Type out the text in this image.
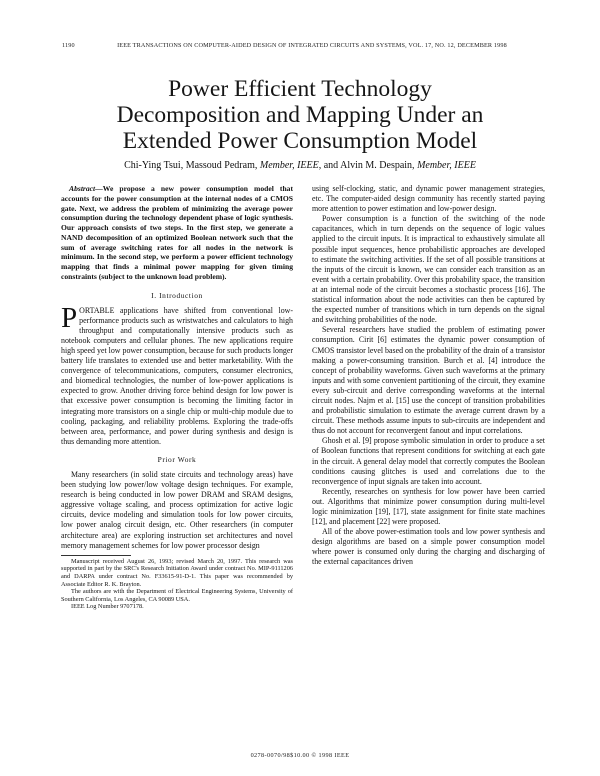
1190	IEEE TRANSACTIONS ON COMPUTER-AIDED DESIGN OF INTEGRATED CIRCUITS AND SYSTEMS, VOL. 17, NO. 12, DECEMBER 1998
Power Efficient Technology
Decomposition and Mapping Under an
Extended Power Consumption Model
Chi-Ying Tsui, Massoud Pedram, Member, IEEE, and Alvin M. Despain, Member, IEEE

Abstract—We propose a new power consumption model that accounts for the power consumption at the internal nodes of a CMOS gate. Next, we address the problem of minimizing the average power consumption during the technology dependent phase of logic synthesis. Our approach consists of two steps. In the first step, we generate a NAND decomposition of an optimized Boolean network such that the sum of average switching rates for all nodes in the network is minimum. In the second step, we perform a power efficient technology mapping that finds a minimal power mapping for given timing constraints (subject to the unknown load problem).

I. Introduction

PORTABLE applications have shifted from conventional low-performance products such as wristwatches and calculators to high throughput and computationally intensive products such as notebook computers and cellular phones. The new applications require high speed yet low power consumption, because for such products longer battery life translates to extended use and better marketability. With the convergence of telecommunications, computers, consumer electronics, and biomedical technologies, the number of low-power applications is expected to grow. Another driving force behind design for low power is that excessive power consumption is becoming the limiting factor in integrating more transistors on a single chip or multi-chip module due to cooling, packaging, and reliability problems. Exploring the trade-offs between area, performance, and power during synthesis and design is thus demanding more attention.

Prior Work

Many researchers (in solid state circuits and technology areas) have been studying low power/low voltage design techniques. For example, research is being conducted in low power DRAM and SRAM designs, aggressive voltage scaling, and process optimization for active logic circuits, device modeling and simulation tools for low power circuits, low power analog circuit design, etc. Other researchers (in computer architecture area) are exploring instruction set architectures and novel memory management schemes for low power processor design

Manuscript received August 26, 1993; revised March 20, 1997. This research was supported in part by the SRC's Research Initiation Award under contract No. MIP-9111206 and DARPA under contract No. F33615-91-D-1. This paper was recommended by Associate Editor R. K. Brayton.

The authors are with the Department of Electrical Engineering Systems, University of Southern California, Los Angeles, CA 90089 USA.

IEEE Log Number 9707178.

using self-clocking, static, and dynamic power management strategies, etc. The computer-aided design community has recently started paying more attention to power estimation and low-power design.

Power consumption is a function of the switching of the node capacitances, which in turn depends on the sequence of logic values applied to the circuit inputs. It is impractical to exhaustively simulate all possible input sequences, hence probabilistic approaches are developed to estimate the switching activities. If the set of all possible transitions at the inputs of the circuit is known, we can consider each transition as an event with a certain probability. Over this probability space, the transition at an internal node of the circuit becomes a stochastic process [16]. The statistical information about the node activities can then be captured by the expected number of transitions which in turn depends on the signal and switching probabilities of the node.

Several researchers have studied the problem of estimating power consumption. Cirit [6] estimates the dynamic power consumption of CMOS transistor level based on the probability of the drain of a transistor making a power-consuming transition. Burch et al. [4] introduce the concept of probability waveforms. Given such waveforms at the primary inputs and with some convenient partitioning of the circuit, they examine every sub-circuit and derive corresponding waveforms at the internal circuit nodes. Najm et al. [15] use the concept of transition probabilities and probabilistic simulation to estimate the average current drawn by a circuit. These methods assume inputs to sub-circuits are independent and thus do not account for reconvergent fanout and input correlations.

Ghosh et al. [9] propose symbolic simulation in order to produce a set of Boolean functions that represent conditions for switching at each gate in the circuit. A general delay model that correctly computes the Boolean conditions causing glitches is used and correlations due to the reconvergence of input signals are taken into account.

Recently, researches on synthesis for low power have been carried out. Algorithms that minimize power consumption during multi-level logic minimization [19], [17], state assignment for finite state machines [12], and placement [22] were proposed.

All of the above power-estimation tools and low power synthesis and design algorithms are based on a simple power consumption model where power is consumed only during the charging and discharging of the external capacitances driven

0278-0070/98$10.00 © 1998 IEEE
